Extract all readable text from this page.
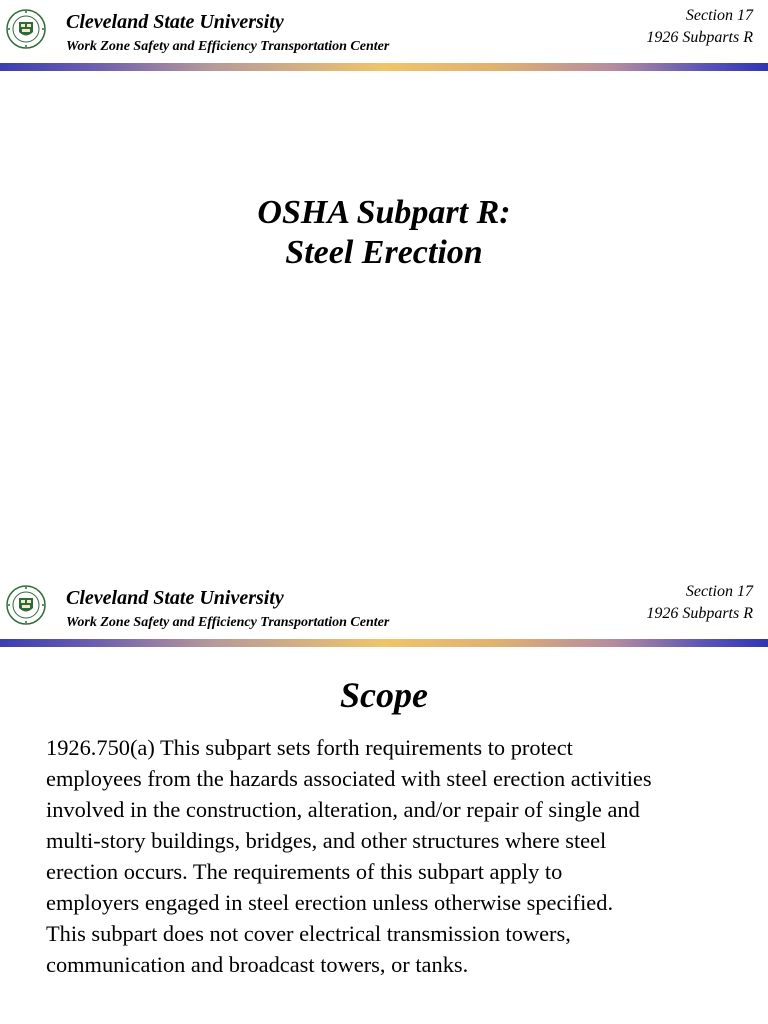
Cleveland State University
Work Zone Safety and Efficiency Transportation Center
Section 17
1926 Subparts R
OSHA Subpart R:
Steel Erection
Cleveland State University
Work Zone Safety and Efficiency Transportation Center
Section 17
1926 Subparts R
Scope
1926.750(a) This subpart sets forth requirements to protect
employees from the hazards associated with steel erection activities
involved in the construction, alteration, and/or repair of single and
multi-story buildings, bridges, and other structures where steel
erection occurs. The requirements of this subpart apply to
employers engaged in steel erection unless otherwise specified.
This subpart does not cover electrical transmission towers,
communication and broadcast towers, or tanks.
